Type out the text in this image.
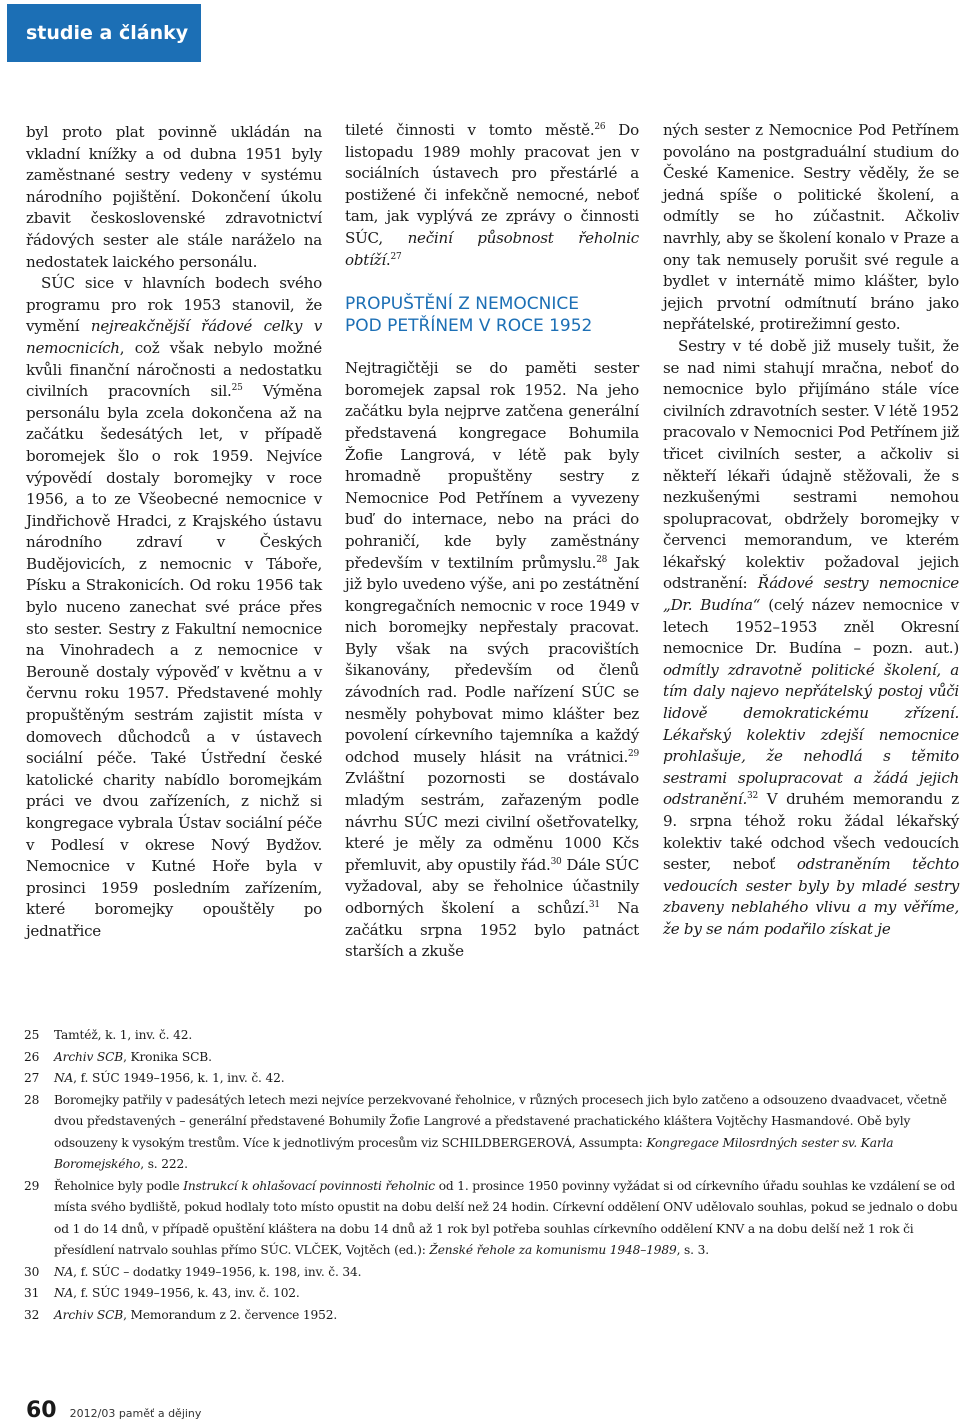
studie a články

byl proto plat povinně ukládán na vkladní knížky a od dubna 1951 byly zaměstnané sestry vedeny v systému národního pojištění. Dokončení úkolu zbavit československé zdravotnictví řádových sester ale stále naráželo na nedostatek laického personálu.

SÚC sice v hlavních bodech svého programu pro rok 1953 stanovil, že vymění nejreakčnější řádové celky v nemocnicích, což však nebylo možné kvůli finanční náročnosti a nedostatku civilních pracovních sil.$^{25}$ Výměna personálu byla zcela dokončena až na začátku šedesátých let, v případě boromejek šlo o rok 1959. Nejvíce výpovědí dostaly boromejky v roce 1956, a to ze Všeobecné nemocnice v Jindřichově Hradci, z Krajského ústavu národního zdraví v Českých Budějovicích, z nemocnic v Táboře, Písku a Strakonicích. Od roku 1956 tak bylo nuceno zanechat své práce přes sto sester. Sestry z Fakultní nemocnice na Vinohradech a z nemocnice v Berouně dostaly výpověď v květnu a v červnu roku 1957. Představené mohly propuštěným sestrám zajistit místa v domovech důchodců a v ústavech sociální péče. Také Ústřední české katolické charity nabídlo boromejkám práci ve dvou zařízeních, z nichž si kongregace vybrala Ústav sociální péče v Podlesí v okrese Nový Bydžov. Nemocnice v Kutné Hoře byla v prosinci 1959 posledním zařízením, které boromejky opouštěly po jednatřice

tileté činnosti v tomto městě.$^{26}$ Do listopadu 1989 mohly pracovat jen v sociálních ústavech pro přestárlé a postižené či infekčně nemocné, neboť tam, jak vyplývá ze zprávy o činnosti SÚC, nečiní působnost řeholnic obtíží.$^{27}$

PROPUŠTĚNÍ Z NEMOCNICE
POD PETŘÍNEM V ROCE 1952

Nejtragičtěji se do paměti sester boromejek zapsal rok 1952. Na jeho začátku byla nejprve zatčena generální představená kongregace Bohumila Žofie Langrová, v létě pak byly hromadně propuštěny sestry z Nemocnice Pod Petřínem a vyvezeny buď do internace, nebo na práci do pohraničí, kde byly zaměstnány především v textilním průmyslu.$^{28}$ Jak již bylo uvedeno výše, ani po zestátnění kongregačních nemocnic v roce 1949 v nich boromejky nepřestaly pracovat. Byly však na svých pracovištích šikanovány, především od členů závodních rad. Podle nařízení SÚC se nesměly pohybovat mimo klášter bez povolení církevního tajemníka a každý odchod musely hlásit na vrátnici.$^{29}$ Zvláštní pozornosti se dostávalo mladým sestrám, zařazeným podle návrhu SÚC mezi civilní ošetřovatelky, které je měly za odměnu 1000 Kčs přemluvit, aby opustily řád.$^{30}$ Dále SÚC vyžadoval, aby se řeholnice účastnily odborných školení a schůzí.$^{31}$ Na začátku srpna 1952 bylo patnáct starších a zkuše

ných sester z Nemocnice Pod Petřínem povoláno na postgraduální studium do České Kamenice. Sestry věděly, že se jedná spíše o politické školení, a odmítly se ho zúčastnit. Ačkoliv navrhly, aby se školení konalo v Praze a ony tak nemusely porušit své regule a bydlet v internátě mimo klášter, bylo jejich prvotní odmítnutí bráno jako nepřátelské, protirežimní gesto.

Sestry v té době již musely tušit, že se nad nimi stahují mračna, neboť do nemocnice bylo přijímáno stále více civilních zdravotních sester. V létě 1952 pracovalo v Nemocnici Pod Petřínem již třicet civilních sester, a ačkoliv si někteří lékaři údajně stěžovali, že s nezkušenými sestrami nemohou spolupracovat, obdržely boromejky v červenci memorandum, ve kterém lékařský kolektiv požadoval jejich odstranění: Řádové sestry nemocnice „Dr. Budína“ (celý název nemocnice v letech 1952–1953 zněl Okresní nemocnice Dr. Budína – pozn. aut.) odmítly zdravotně politické školení, a tím daly najevo nepřátelský postoj vůči lidově demokratickému zřízení. Lékařský kolektiv zdejší nemocnice prohlašuje, že nehodlá s těmito sestrami spolupracovat a žádá jejich odstranění.$^{32}$ V druhém memorandu z 9. srpna téhož roku žádal lékařský kolektiv také odchod všech vedoucích sester, neboť odstraněním těchto vedoucích sester byly by mladé sestry zbaveny neblahého vlivu a my věříme, že by se nám podařilo získat je

25	Tamtéž, k. 1, inv. č. 42.
26	Archiv SCB, Kronika SCB.
27	NA, f. SÚC 1949–1956, k. 1, inv. č. 42.
28	Boromejky patřily v padesátých letech mezi nejvíce perzekvované řeholnice, v různých procesech jich bylo zatčeno a odsouzeno dvaadvacet, včetně dvou představených – generální představené Bohumily Žofie Langrové a představené prachatického kláštera Vojtěchy Hasmandové. Obě byly odsouzeny k vysokým trestům. Více k jednotlivým procesům viz SCHILDBERGEROVÁ, Assumpta: Kongregace Milosrdných sester sv. Karla Boromejského, s. 222.
29	Řeholnice byly podle Instrukcí k ohlašovací povinnosti řeholnic od 1. prosince 1950 povinny vyžádat si od církevního úřadu souhlas ke vzdálení se od místa svého bydliště, pokud hodlaly toto místo opustit na dobu delší než 24 hodin. Církevní oddělení ONV udělovalo souhlas, pokud se jednalo o dobu od 1 do 14 dnů, v případě opuštění kláštera na dobu 14 dnů až 1 rok byl potřeba souhlas církevního oddělení KNV a na dobu delší než 1 rok či přesídlení natrvalo souhlas přímo SÚC. VLČEK, Vojtěch (ed.): Ženské řehole za komunismu 1948–1989, s. 3.
30	NA, f. SÚC – dodatky 1949–1956, k. 198, inv. č. 34.
31	NA, f. SÚC 1949–1956, k. 43, inv. č. 102.
32	Archiv SCB, Memorandum z 2. července 1952.
60 2012/03 paměť a dějiny
